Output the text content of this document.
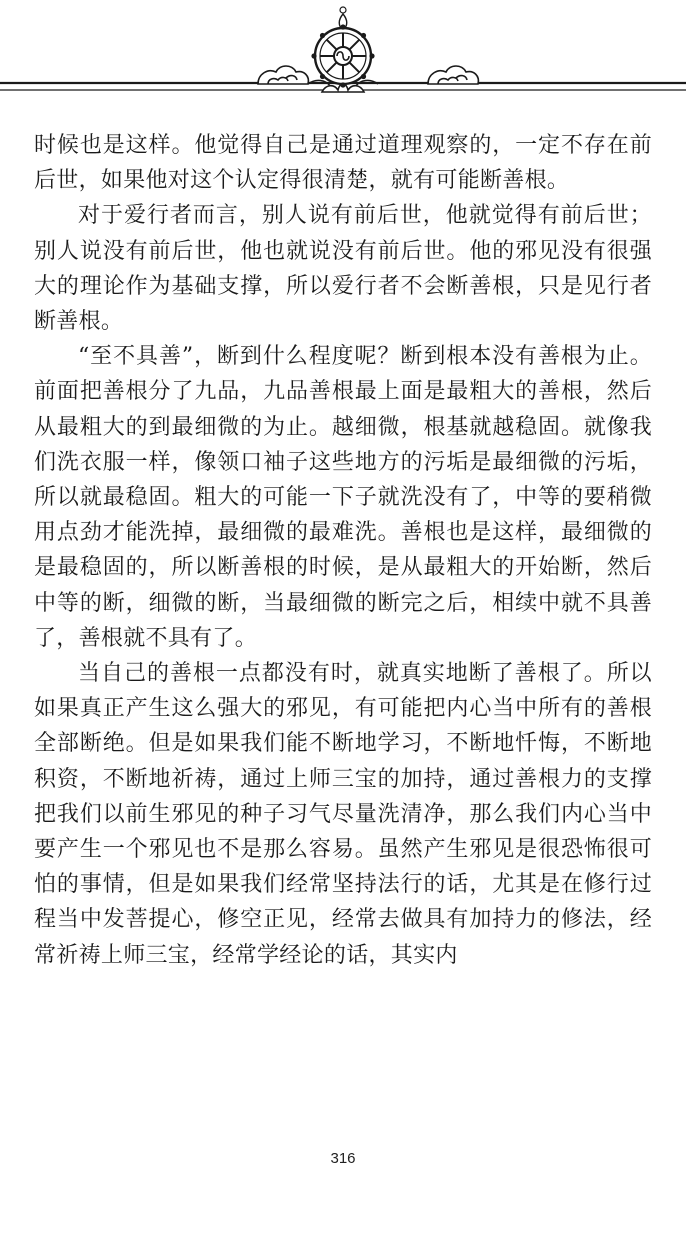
时候也是这样。他觉得自己是通过道理观察的，一定不存在前后世，如果他对这个认定得很清楚，就有可能断善根。

对于爱行者而言，别人说有前后世，他就觉得有前后世；别人说没有前后世，他也就说没有前后世。他的邪见没有很强大的理论作为基础支撑，所以爱行者不会断善根，只是见行者断善根。

“至不具善”，断到什么程度呢？断到根本没有善根为止。前面把善根分了九品，九品善根最上面是最粗大的善根，然后从最粗大的到最细微的为止。越细微，根基就越稳固。就像我们洗衣服一样，像领口袖子这些地方的污垢是最细微的污垢，所以就最稳固。粗大的可能一下子就洗没有了，中等的要稍微用点劲才能洗掉，最细微的最难洗。善根也是这样，最细微的是最稳固的，所以断善根的时候，是从最粗大的开始断，然后中等的断，细微的断，当最细微的断完之后，相续中就不具善了，善根就不具有了。

当自己的善根一点都没有时，就真实地断了善根了。所以如果真正产生这么强大的邪见，有可能把内心当中所有的善根全部断绝。但是如果我们能不断地学习，不断地忏悔，不断地积资，不断地祈祷，通过上师三宝的加持，通过善根力的支撑把我们以前生邪见的种子习气尽量洗清净，那么我们内心当中要产生一个邪见也不是那么容易。虽然产生邪见是很恐怖很可怕的事情，但是如果我们经常坚持法行的话，尤其是在修行过程当中发菩提心，修空正见，经常去做具有加持力的修法，经常祈祷上师三宝，经常学经论的话，其实内

316
